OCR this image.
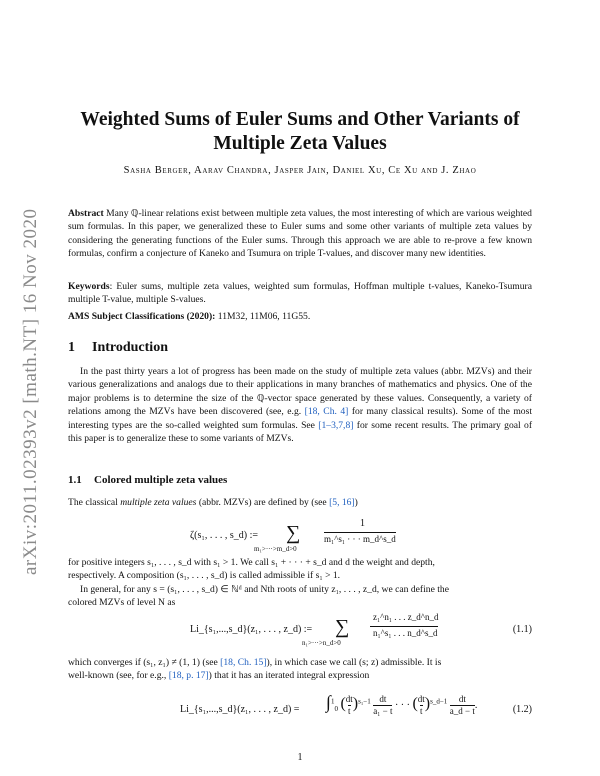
arXiv:2011.02393v2 [math.NT] 16 Nov 2020
Weighted Sums of Euler Sums and Other Variants of
Multiple Zeta Values
Sasha Berger, Aarav Chandra, Jasper Jain, Daniel Xu, Ce Xu and J. Zhao
Abstract Many ℚ-linear relations exist between multiple zeta values, the most interesting of which are various weighted sum formulas. In this paper, we generalized these to Euler sums and some other variants of multiple zeta values by considering the generating functions of the Euler sums. Through this approach we are able to re-prove a few known formulas, confirm a conjecture of Kaneko and Tsumura on triple T-values, and discover many new identities.
Keywords: Euler sums, multiple zeta values, weighted sum formulas, Hoffman multiple t-values, Kaneko-Tsumura multiple T-value, multiple S-values.
AMS Subject Classifications (2020): 11M32, 11M06, 11G55.
1 Introduction
In the past thirty years a lot of progress has been made on the study of multiple zeta values (abbr. MZVs) and their various generalizations and analogs due to their applications in many branches of mathematics and physics. One of the major problems is to determine the size of the ℚ-vector space generated by these values. Consequently, a variety of relations among the MZVs have been discovered (see, e.g. [18, Ch. 4] for many classical results). Some of the most interesting types are the so-called weighted sum formulas. See [1–3,7,8] for some recent results. The primary goal of this paper is to generalize these to some variants of MZVs.
1.1 Colored multiple zeta values
The classical multiple zeta values (abbr. MZVs) are defined by (see [5, 16])
ζ(s₁, . . . , s_d) := ∑
m₁>···>m_d>0
1
m₁^s₁ · · · m_d^s_d
for positive integers s₁, . . . , s_d with s₁ > 1. We call s₁ + · · · + s_d and d the weight and depth,
respectively. A composition (s₁, . . . , s_d) is called admissible if s₁ > 1.
In general, for any s = (s₁, . . . , s_d) ∈ ℕᵈ and Nth roots of unity z₁, . . . , z_d, we can define the
colored MZVs of level N as
Li_{s₁,...,s_d}(z₁, . . . , z_d) := ∑
n₁>···>n_d>0
z₁^n₁ . . . z_d^n_d
n₁^s₁ . . . n_d^s_d	(1.1)
which converges if (s₁, z₁) ≠ (1, 1) (see [18, Ch. 15]), in which case we call (s; z) admissible. It is
well-known (see, for e.g., [18, p. 17]) that it has an iterated integral expression
Li_{s₁,...,s_d}(z₁, . . . , z_d) = ∫$^1_0$ (dt
t )$^{s_1-1}$ dt
a₁ − t · · · (dt
t )$^{s\_d-1}$ dt
a_d − t.	(1.2)
1
